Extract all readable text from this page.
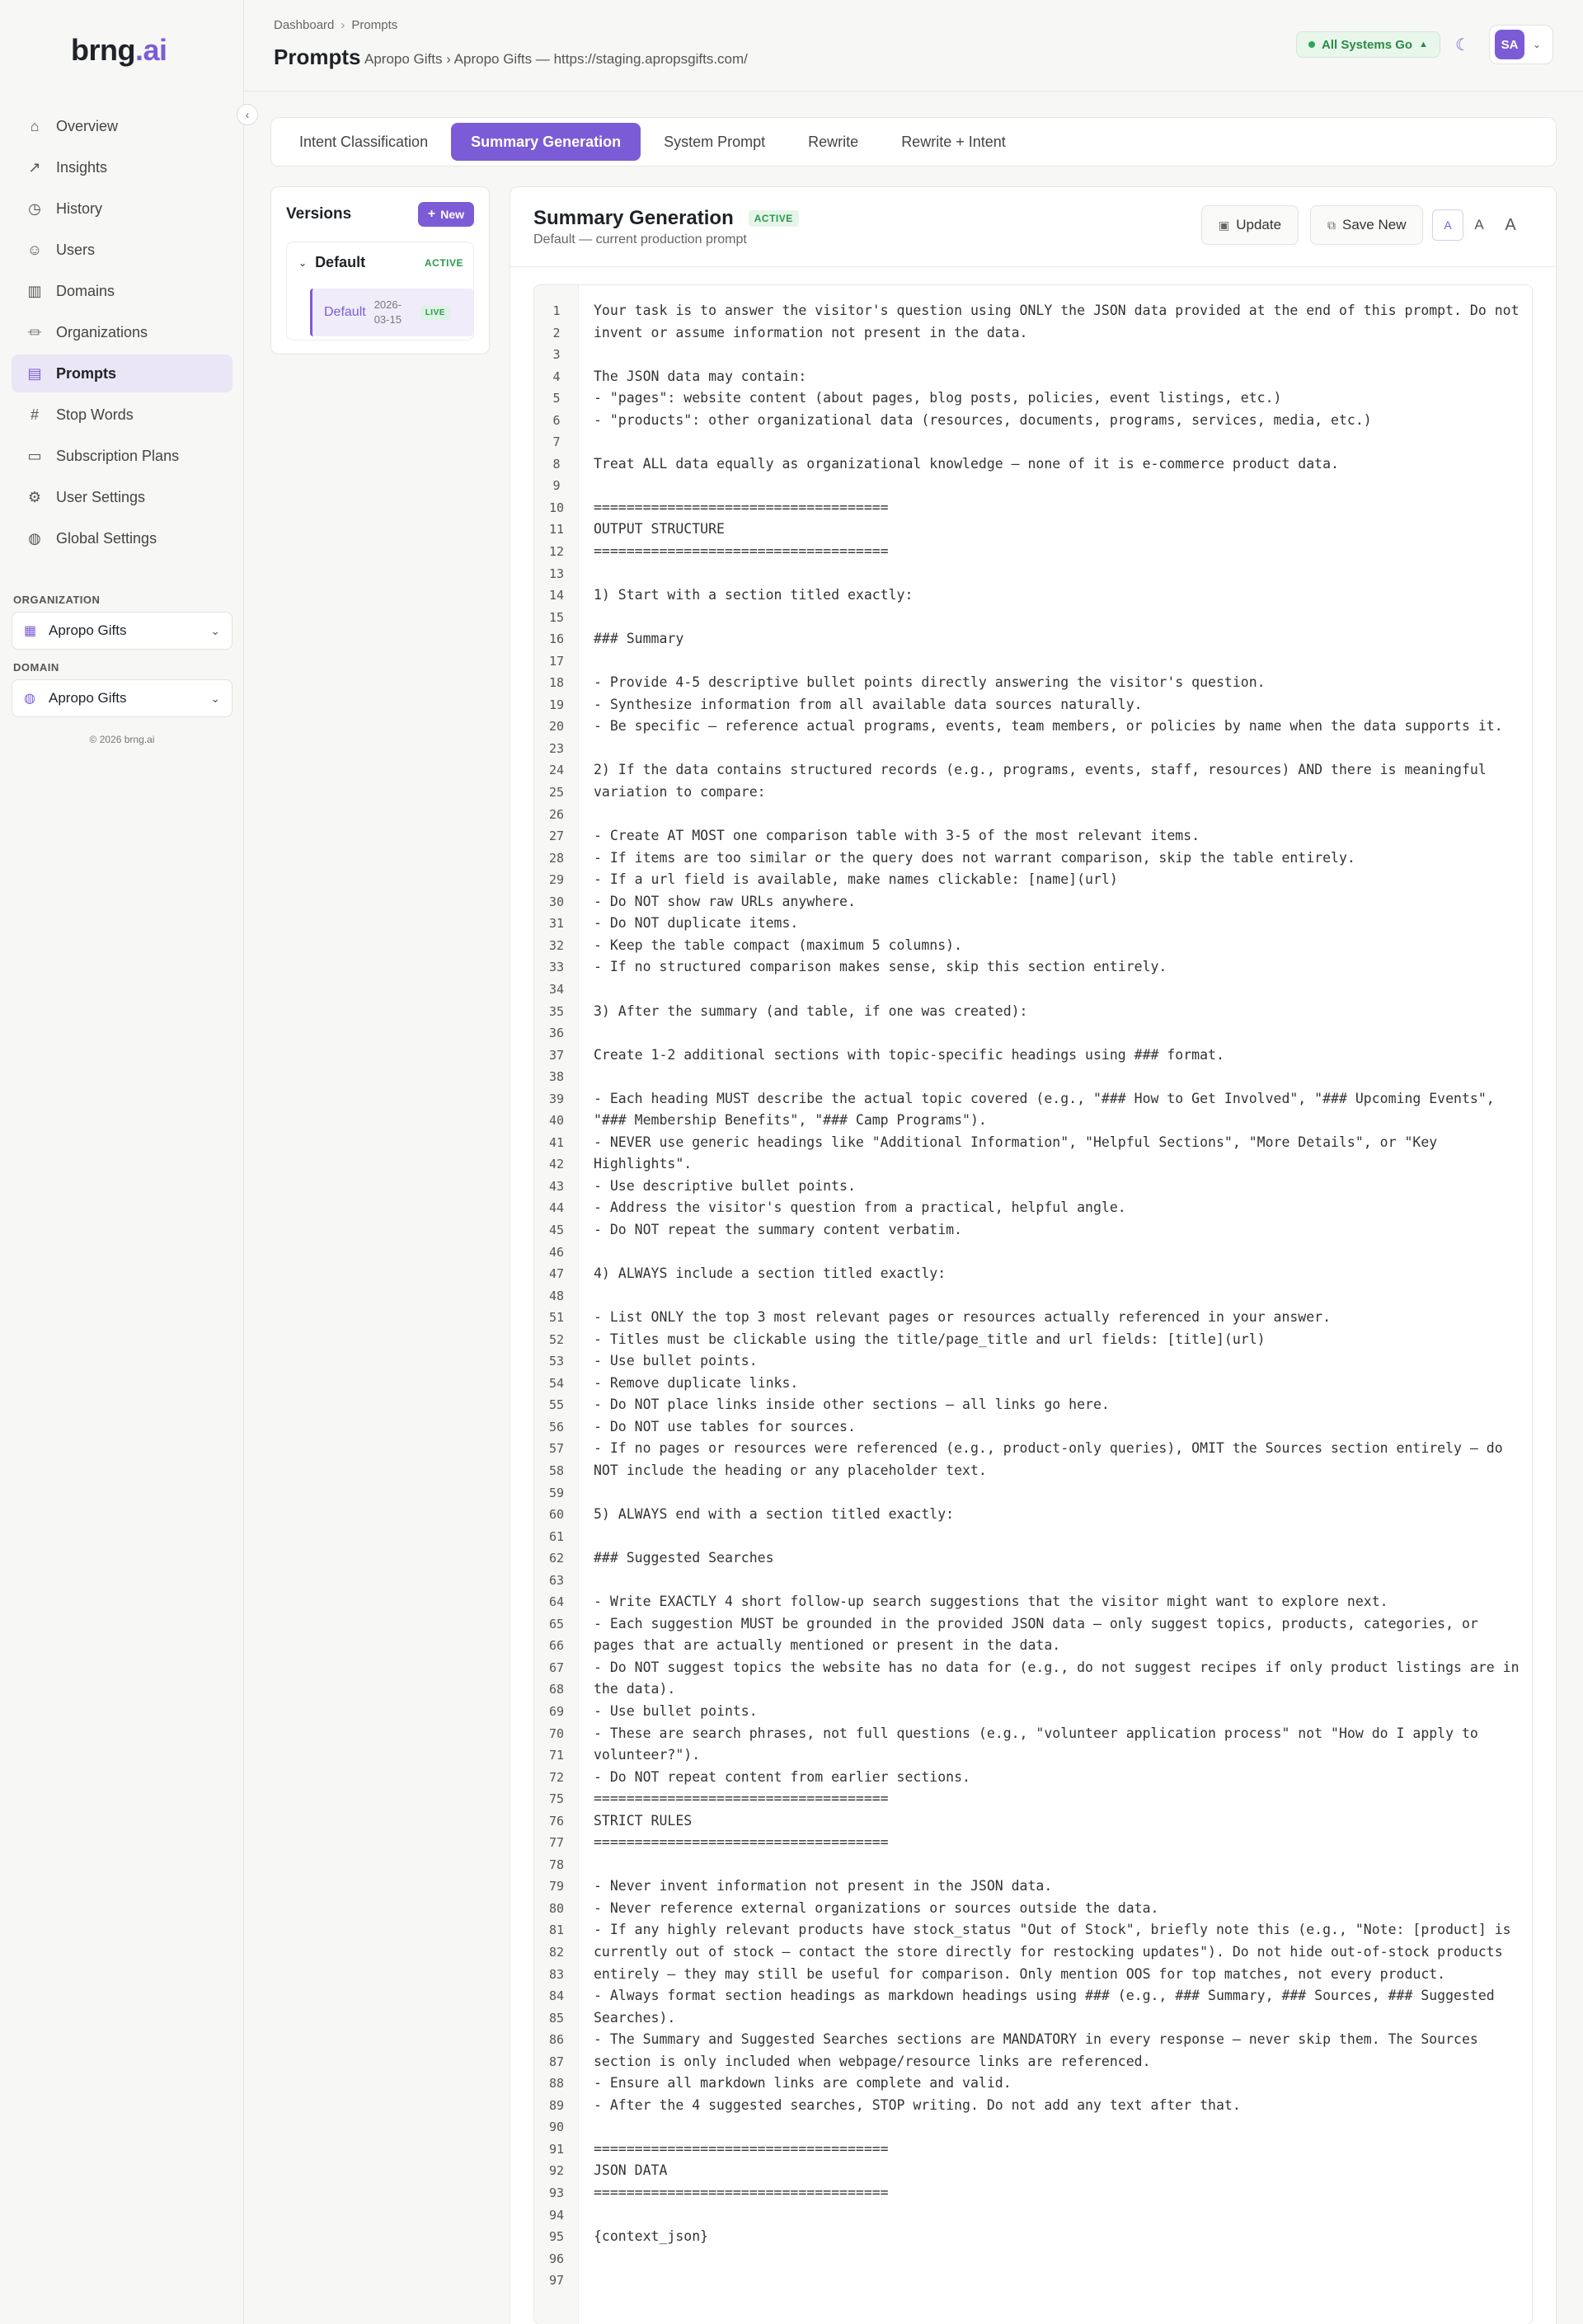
brng.ai
⌂	Overview
↗ Insights
◷ History
☺ Users
▥ Domains
⏛ Organizations
▤ Prompts
#	Stop Words
▭ Subscription Plans
⚙ User Settings
◍ Global Settings
ORGANIZATION
▦ Apropo Gifts	⌄
DOMAIN
◍ Apropo Gifts	⌄
© 2026 brng.ai
‹
Dashboard › Prompts
Prompts Apropo Gifts › Apropo Gifts — https://staging.apropsgifts.com/
All Systems Go ▲ ☾	SA	⌄
Intent Classification	Summary Generation	System Prompt	Rewrite	Rewrite + Intent
Versions	+ New
⌄ Default	ACTIVE
Default
2026-03-15
LIVE
Summary Generation	ACTIVE
Default — current production prompt
▣ Update	⧉ Save New	A	A	A
1	Your task is to answer the visitor's question using ONLY the JSON data provided at the end of this prompt. Do not
2	invent or assume information not present in the data.
3
4	The JSON data may contain:
5	- "pages": website content (about pages, blog posts, policies, event listings, etc.)
6	- "products": other organizational data (resources, documents, programs, services, media, etc.)
7
8	Treat ALL data equally as organizational knowledge — none of it is e-commerce product data.
9
10	====================================
11	OUTPUT STRUCTURE
12	====================================
13
14	1) Start with a section titled exactly:
15
16	### Summary
17
18	- Provide 4-5 descriptive bullet points directly answering the visitor's question.
19	- Synthesize information from all available data sources naturally.
20	- Be specific — reference actual programs, events, team members, or policies by name when the data supports it.
23
24	2) If the data contains structured records (e.g., programs, events, staff, resources) AND there is meaningful
25	variation to compare:
26
27	- Create AT MOST one comparison table with 3-5 of the most relevant items.
28	- If items are too similar or the query does not warrant comparison, skip the table entirely.
29	- If a url field is available, make names clickable: [name](url)
30	- Do NOT show raw URLs anywhere.
31	- Do NOT duplicate items.
32	- Keep the table compact (maximum 5 columns).
33	- If no structured comparison makes sense, skip this section entirely.
34
35	3) After the summary (and table, if one was created):
36
37	Create 1-2 additional sections with topic-specific headings using ### format.
38
39	- Each heading MUST describe the actual topic covered (e.g., "### How to Get Involved", "### Upcoming Events",
40	"### Membership Benefits", "### Camp Programs").
41	- NEVER use generic headings like "Additional Information", "Helpful Sections", "More Details", or "Key
42	Highlights".
43	- Use descriptive bullet points.
44	- Address the visitor's question from a practical, helpful angle.
45	- Do NOT repeat the summary content verbatim.
46
47	4) ALWAYS include a section titled exactly:
48
51	- List ONLY the top 3 most relevant pages or resources actually referenced in your answer.
52	- Titles must be clickable using the title/page_title and url fields: [title](url)
53	- Use bullet points.
54	- Remove duplicate links.
55	- Do NOT place links inside other sections — all links go here.
56	- Do NOT use tables for sources.
57	- If no pages or resources were referenced (e.g., product-only queries), OMIT the Sources section entirely — do
58	NOT include the heading or any placeholder text.
59
60	5) ALWAYS end with a section titled exactly:
61
62	### Suggested Searches
63
64	- Write EXACTLY 4 short follow-up search suggestions that the visitor might want to explore next.
65	- Each suggestion MUST be grounded in the provided JSON data — only suggest topics, products, categories, or
66	pages that are actually mentioned or present in the data.
67	- Do NOT suggest topics the website has no data for (e.g., do not suggest recipes if only product listings are in
68	the data).
69	- Use bullet points.
70	- These are search phrases, not full questions (e.g., "volunteer application process" not "How do I apply to
71	volunteer?").
72	- Do NOT repeat content from earlier sections.
75	====================================
76	STRICT RULES
77	====================================
78
79	- Never invent information not present in the JSON data.
80	- Never reference external organizations or sources outside the data.
81	- If any highly relevant products have stock_status "Out of Stock", briefly note this (e.g., "Note: [product] is
82	currently out of stock — contact the store directly for restocking updates"). Do not hide out-of-stock products
83	entirely — they may still be useful for comparison. Only mention OOS for top matches, not every product.
84	- Always format section headings as markdown headings using ### (e.g., ### Summary, ### Sources, ### Suggested
85	Searches).
86	- The Summary and Suggested Searches sections are MANDATORY in every response — never skip them. The Sources
87	section is only included when webpage/resource links are referenced.
88	- Ensure all markdown links are complete and valid.
89	- After the 4 suggested searches, STOP writing. Do not add any text after that.
90
91	====================================
92	JSON DATA
93	====================================
94
95	{context_json}
96
97
